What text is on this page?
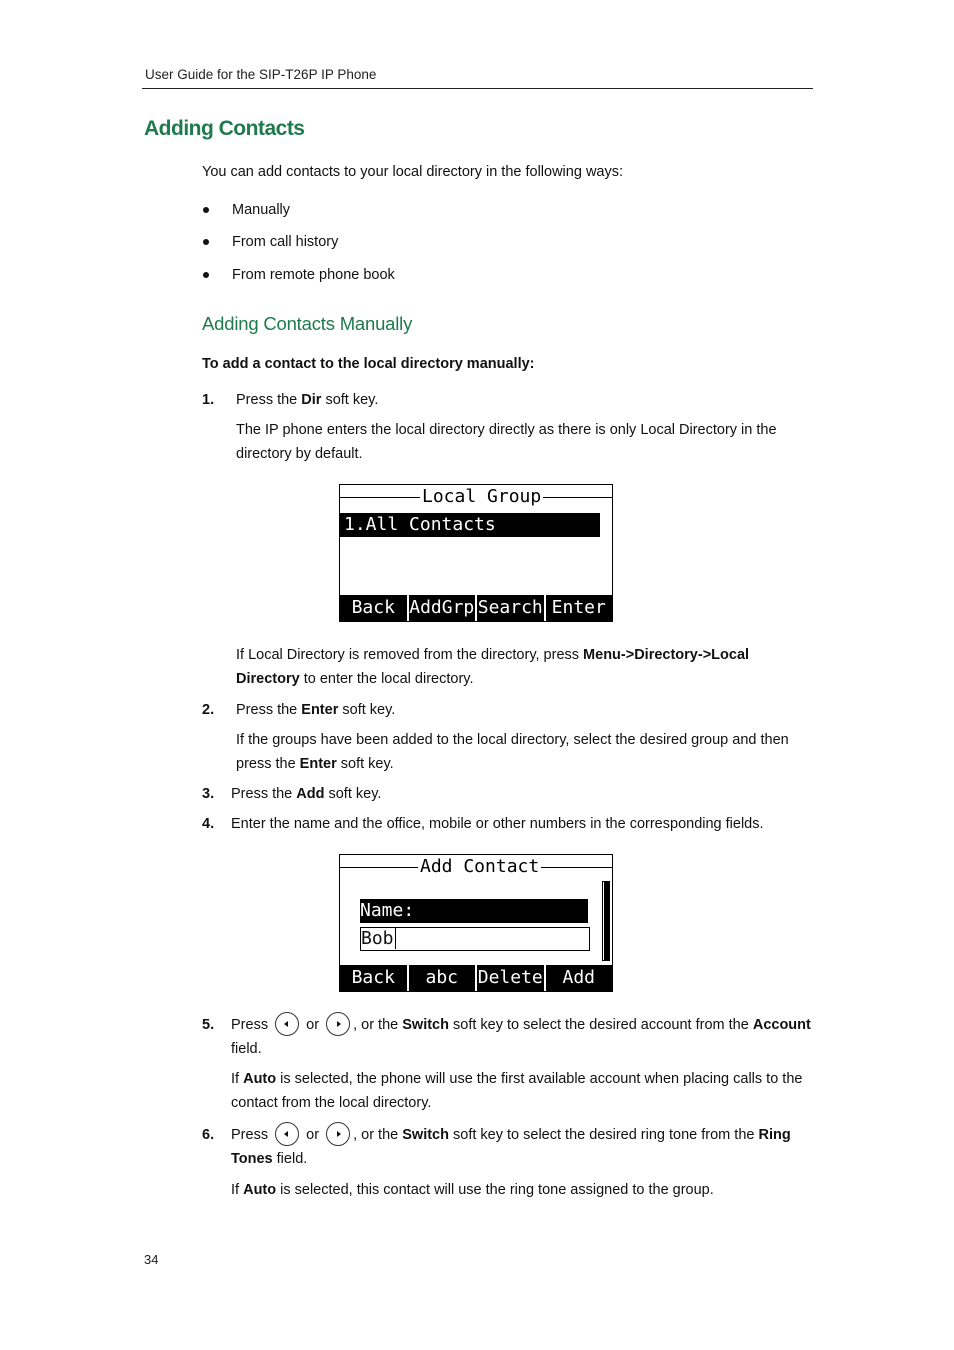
User Guide for the SIP-T26P IP Phone
Adding Contacts
You can add contacts to your local directory in the following ways:
Manually
From call history
From remote phone book
Adding Contacts Manually
To add a contact to the local directory manually:
1. Press the Dir soft key.
The IP phone enters the local directory directly as there is only Local Directory in the directory by default.
Local Group
1.All Contacts
Back AddGrp Search Enter
If Local Directory is removed from the directory, press Menu->Directory->Local Directory to enter the local directory.
2. Press the Enter soft key.
If the groups have been added to the local directory, select the desired group and then press the Enter soft key.
3. Press the Add soft key.
4. Enter the name and the office, mobile or other numbers in the corresponding fields.
Add Contact
Name:
Bob
Back	abc	Delete	Add
5. Press	or , or the Switch soft key to select the desired account from the Account field.
If Auto is selected, the phone will use the first available account when placing calls to the contact from the local directory.
6. Press	or , or the Switch soft key to select the desired ring tone from the Ring Tones field.
If Auto is selected, this contact will use the ring tone assigned to the group.
34
